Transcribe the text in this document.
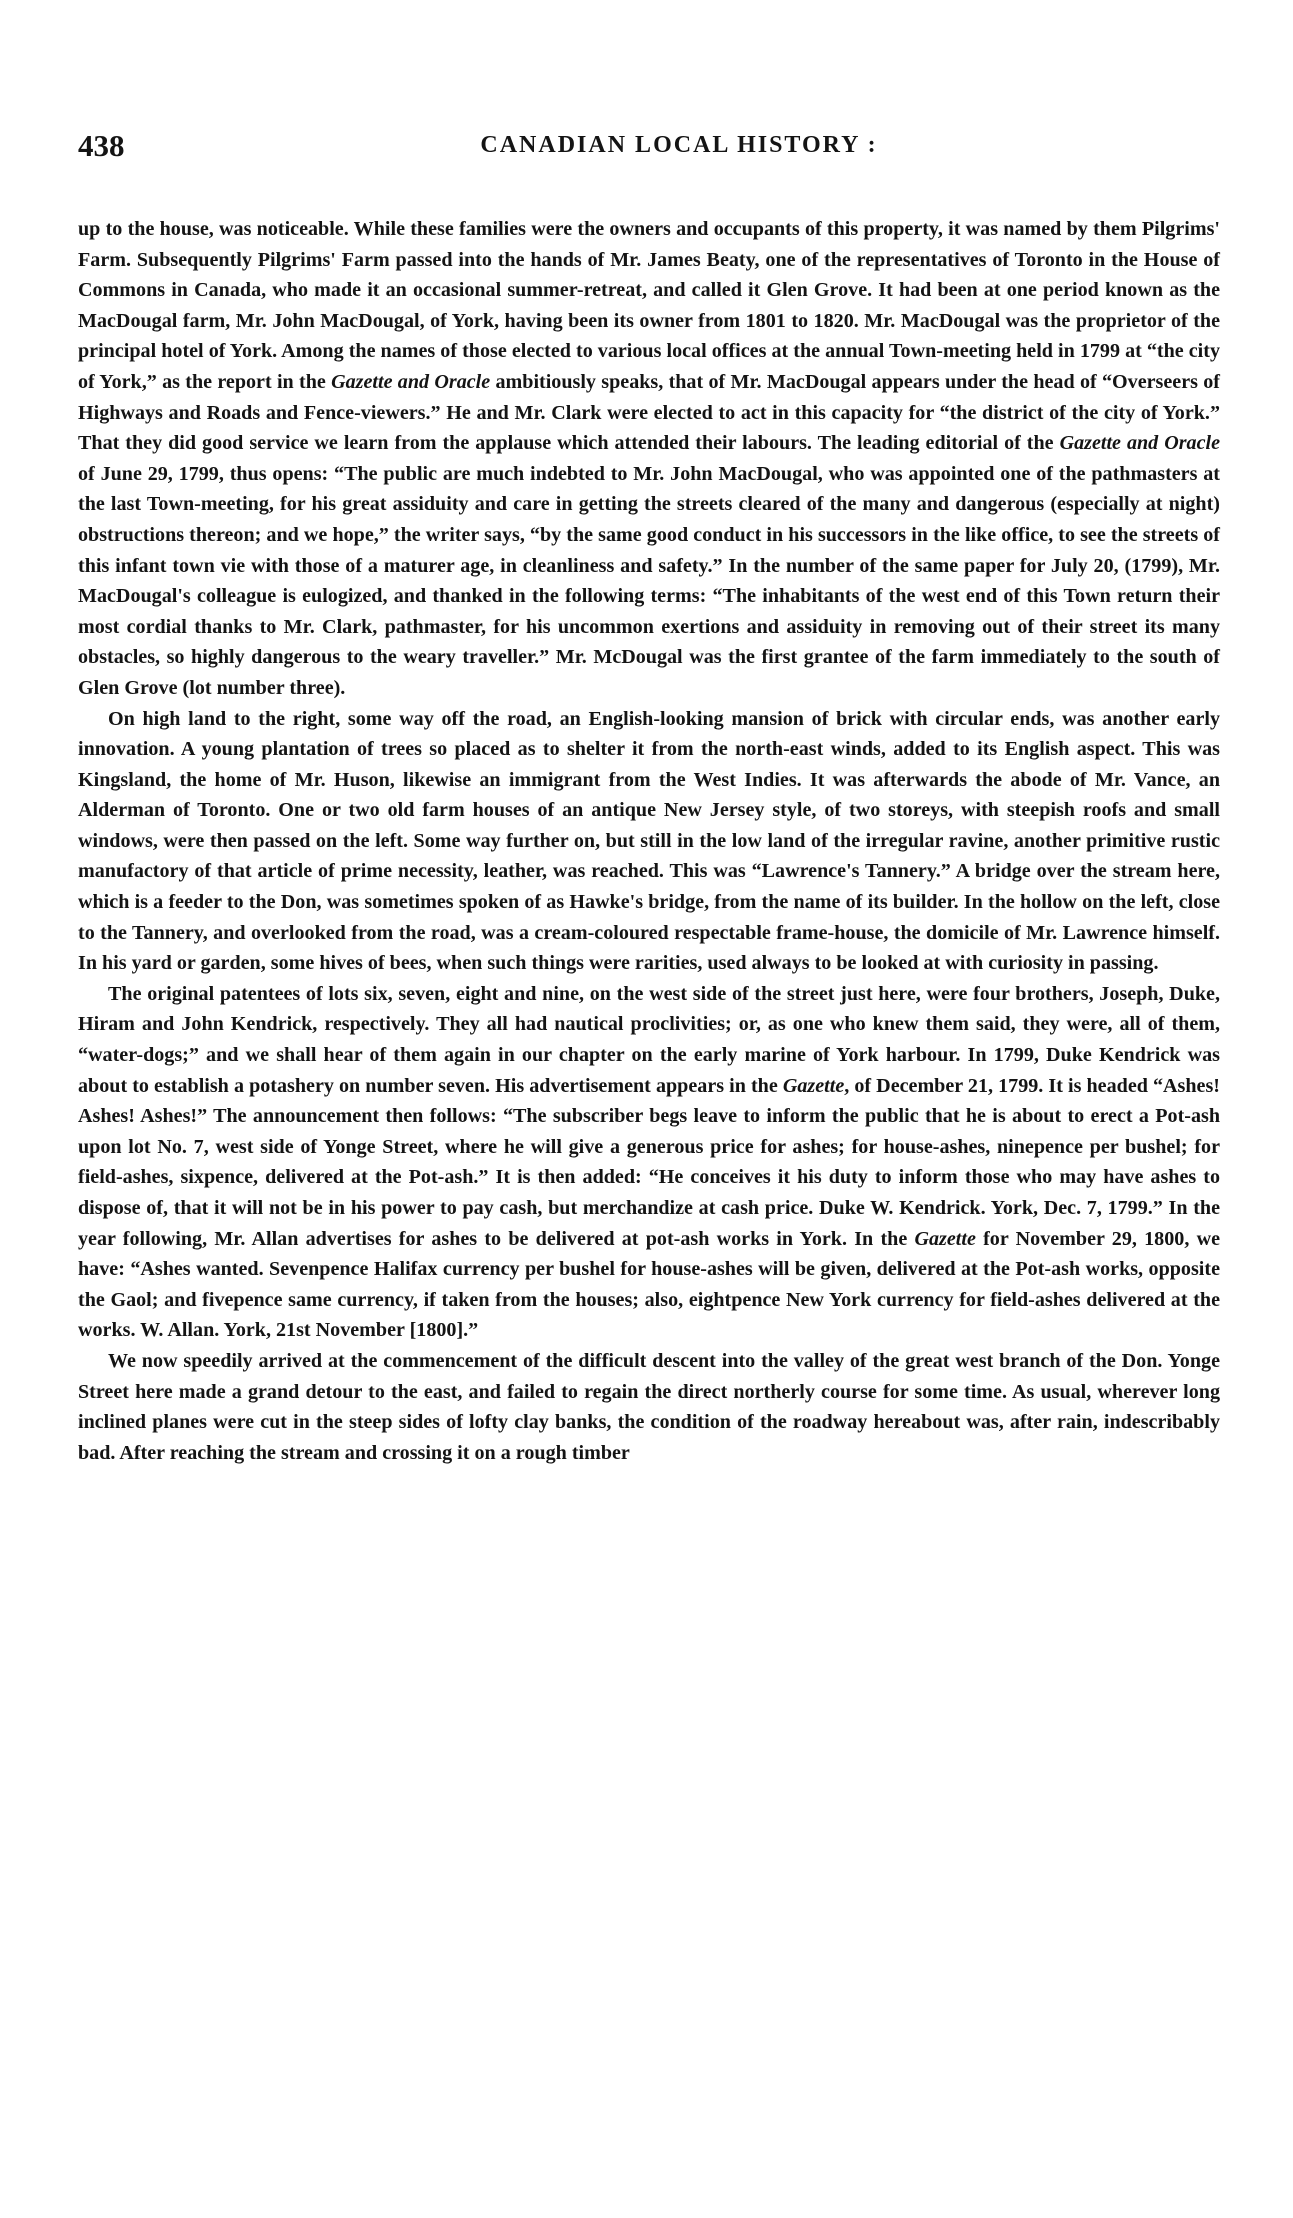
438	CANADIAN LOCAL HISTORY :

up to the house, was noticeable. While these families were the owners and occupants of this property, it was named by them Pilgrims' Farm. Subsequently Pilgrims' Farm passed into the hands of Mr. James Beaty, one of the representatives of Toronto in the House of Commons in Canada, who made it an occasional summer-retreat, and called it Glen Grove. It had been at one period known as the MacDougal farm, Mr. John MacDougal, of York, having been its owner from 1801 to 1820. Mr. MacDougal was the proprietor of the principal hotel of York. Among the names of those elected to various local offices at the annual Town-meeting held in 1799 at “the city of York,” as the report in the Gazette and Oracle ambitiously speaks, that of Mr. MacDougal appears under the head of “Overseers of Highways and Roads and Fence-viewers.” He and Mr. Clark were elected to act in this capacity for “the district of the city of York.” That they did good service we learn from the applause which attended their labours. The leading editorial of the Gazette and Oracle of June 29, 1799, thus opens: “The public are much indebted to Mr. John MacDougal, who was appointed one of the pathmasters at the last Town-meeting, for his great assiduity and care in getting the streets cleared of the many and dangerous (especially at night) obstructions thereon; and we hope,” the writer says, “by the same good conduct in his successors in the like office, to see the streets of this infant town vie with those of a maturer age, in cleanliness and safety.” In the number of the same paper for July 20, (1799), Mr. MacDougal's colleague is eulogized, and thanked in the following terms: “The inhabitants of the west end of this Town return their most cordial thanks to Mr. Clark, pathmaster, for his uncommon exertions and assiduity in removing out of their street its many obstacles, so highly dangerous to the weary traveller.” Mr. McDougal was the first grantee of the farm immediately to the south of Glen Grove (lot number three).

On high land to the right, some way off the road, an English-looking mansion of brick with circular ends, was another early innovation. A young plantation of trees so placed as to shelter it from the north-east winds, added to its English aspect. This was Kingsland, the home of Mr. Huson, likewise an immigrant from the West Indies. It was afterwards the abode of Mr. Vance, an Alderman of Toronto. One or two old farm houses of an antique New Jersey style, of two storeys, with steepish roofs and small windows, were then passed on the left. Some way further on, but still in the low land of the irregular ravine, another primitive rustic manufactory of that article of prime necessity, leather, was reached. This was “Lawrence's Tannery.” A bridge over the stream here, which is a feeder to the Don, was sometimes spoken of as Hawke's bridge, from the name of its builder. In the hollow on the left, close to the Tannery, and overlooked from the road, was a cream-coloured respectable frame-house, the domicile of Mr. Lawrence himself. In his yard or garden, some hives of bees, when such things were rarities, used always to be looked at with curiosity in passing.

The original patentees of lots six, seven, eight and nine, on the west side of the street just here, were four brothers, Joseph, Duke, Hiram and John Kendrick, respectively. They all had nautical proclivities; or, as one who knew them said, they were, all of them, “water-dogs;” and we shall hear of them again in our chapter on the early marine of York harbour. In 1799, Duke Kendrick was about to establish a potashery on number seven. His advertisement appears in the Gazette, of December 21, 1799. It is headed “Ashes! Ashes! Ashes!” The announcement then follows: “The subscriber begs leave to inform the public that he is about to erect a Pot-ash upon lot No. 7, west side of Yonge Street, where he will give a generous price for ashes; for house-ashes, ninepence per bushel; for field-ashes, sixpence, delivered at the Pot-ash.” It is then added: “He conceives it his duty to inform those who may have ashes to dispose of, that it will not be in his power to pay cash, but merchandize at cash price. Duke W. Kendrick. York, Dec. 7, 1799.” In the year following, Mr. Allan advertises for ashes to be delivered at pot-ash works in York. In the Gazette for November 29, 1800, we have: “Ashes wanted. Sevenpence Halifax currency per bushel for house-ashes will be given, delivered at the Pot-ash works, opposite the Gaol; and fivepence same currency, if taken from the houses; also, eightpence New York currency for field-ashes delivered at the works. W. Allan. York, 21st November [1800].”

We now speedily arrived at the commencement of the difficult descent into the valley of the great west branch of the Don. Yonge Street here made a grand detour to the east, and failed to regain the direct northerly course for some time. As usual, wherever long inclined planes were cut in the steep sides of lofty clay banks, the condition of the roadway hereabout was, after rain, indescribably bad. After reaching the stream and crossing it on a rough timber
